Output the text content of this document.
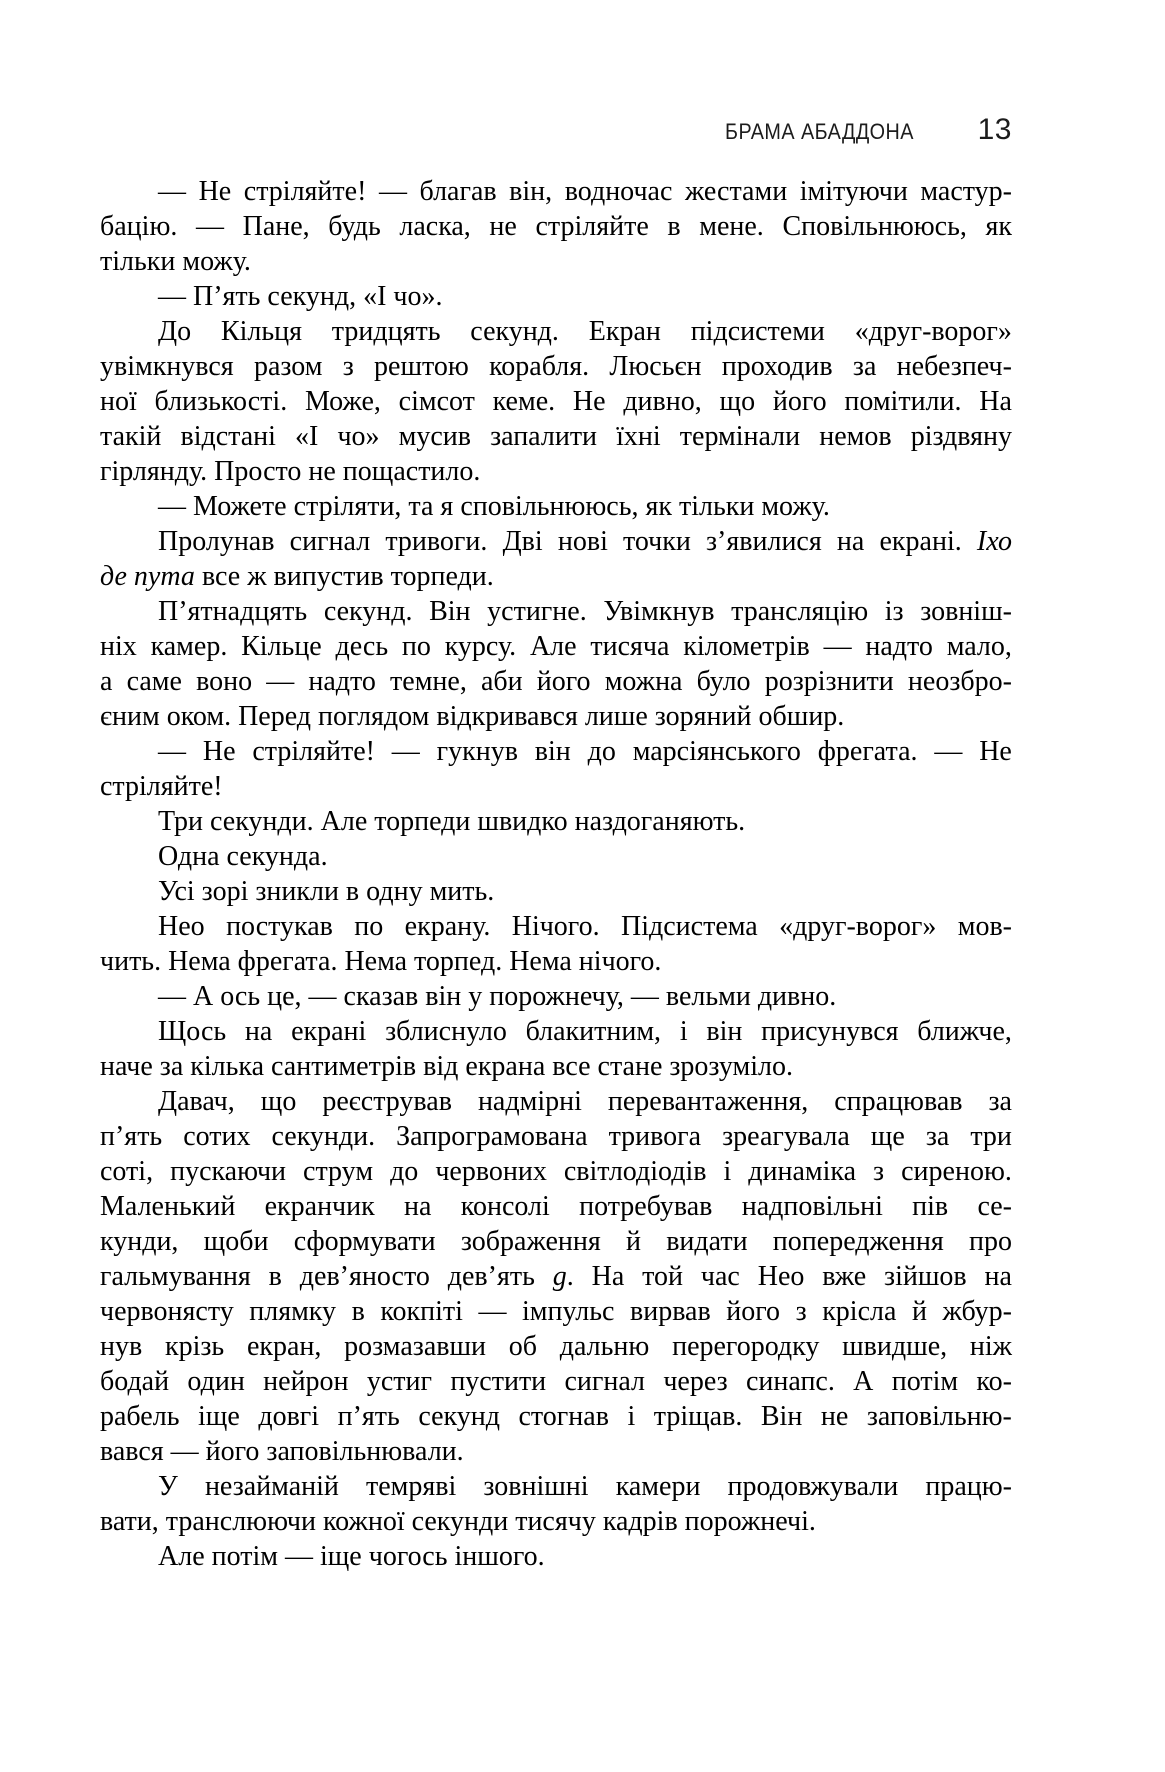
БРАМА АБАДДОНА 13
— Не стріляйте! — благав він, водночас жестами імітуючи мастур-
бацію. — Пане, будь ласка, не стріляйте в мене. Сповільнююсь, як
тільки можу.
— П’ять секунд, «І чо».
До Кільця тридцять секунд. Екран підсистеми «друг-ворог»
увімкнувся разом з рештою корабля. Люсьєн проходив за небезпеч-
ної близькості. Може, сімсот кеме. Не дивно, що його помітили. На
такій відстані «І чо» мусив запалити їхні термінали немов різдвяну
гірлянду. Просто не пощастило.
— Можете стріляти, та я сповільнююсь, як тільки можу.
Пролунав сигнал тривоги. Дві нові точки з’явилися на екрані. Іхо
де пута все ж випустив торпеди.
П’ятнадцять секунд. Він устигне. Увімкнув трансляцію із зовніш-
ніх камер. Кільце десь по курсу. Але тисяча кілометрів — надто мало,
а саме воно — надто темне, аби його можна було розрізнити неозбро-
єним оком. Перед поглядом відкривався лише зоряний обшир.
— Не стріляйте! — гукнув він до марсіянського фрегата. — Не
стріляйте!
Три секунди. Але торпеди швидко наздоганяють.
Одна секунда.
Усі зорі зникли в одну мить.
Нео постукав по екрану. Нічого. Підсистема «друг-ворог» мов-
чить. Нема фрегата. Нема торпед. Нема нічого.
— А ось це, — сказав він у порожнечу, — вельми дивно.
Щось на екрані зблиснуло блакитним, і він присунувся ближче,
наче за кілька сантиметрів від екрана все стане зрозуміло.
Давач, що реєстрував надмірні перевантаження, спрацював за
п’ять сотих секунди. Запрограмована тривога зреагувала ще за три
соті, пускаючи струм до червоних світлодіодів і динаміка з сиреною.
Маленький екранчик на консолі потребував надповільні пів се-
кунди, щоби сформувати зображення й видати попередження про
гальмування в дев’яносто дев’ять g. На той час Нео вже зійшов на
червонясту плямку в кокпіті — імпульс вирвав його з крісла й жбур-
нув крізь екран, розмазавши об дальню перегородку швидше, ніж
бодай один нейрон устиг пустити сигнал через синапс. А потім ко-
рабель іще довгі п’ять секунд стогнав і тріщав. Він не заповільню-
вався — його заповільнювали.
У незайманій темряві зовнішні камери продовжували працю-
вати, транслюючи кожної секунди тисячу кадрів порожнечі.
Але потім — іще чогось іншого.
